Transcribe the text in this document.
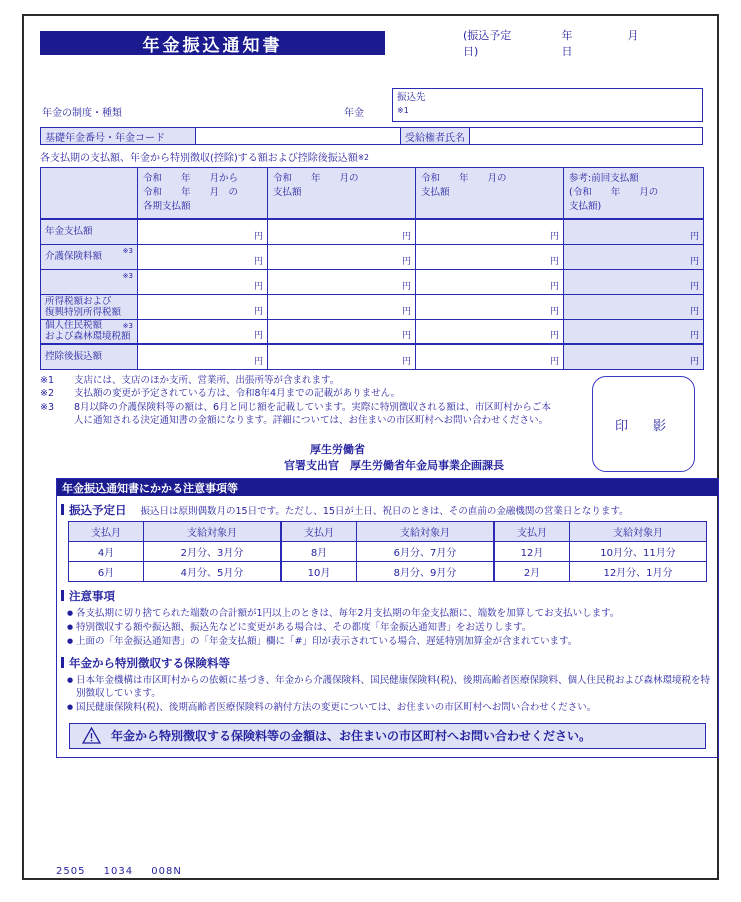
年金振込通知書	(振込予定日)
年　月　日
年金の制度・種類	年金
振込先
※1
基礎年金番号・年金コード	受給権者氏名
各支払期の支払額、年金から特別徴収(控除)する額および控除後振込額※2

令和　　年　　月から
令和　　年　　月　の
各期支払額

令和　　年　　月の
支払額

令和　　年　　月の
支払額

参考:前回支払額
(令和　　年　　月の
支払額)

年金支払額	円	円	円	円

※3
介護保険料額	円	円	円	円

※3	円	円	円	円

所得税額および
復興特別所得税額	円	円	円	円

※3
個人住民税額
および森林環境税額	円	円	円	円
控除後振込額	円	円	円	円
※1	支店には、支店のほか支所、営業所、出張所等が含まれます。
※2	支払額の変更が予定されている方は、令和8年4月までの記載がありません。
※3	8月以降の介護保険料等の額は、6月と同じ額を記載しています。実際に特別徴収される額は、市区町村からご本人に通知される決定通知書の金額になります。詳細については、お住まいの市区町村へお問い合わせください。	印　影
厚生労働省
官署支出官　厚生労働省年金局事業企画課長
年金振込通知書にかかる注意事項等
振込予定日 振込日は原則偶数月の15日です。ただし、15日が土日、祝日のときは、その直前の金融機関の営業日となります。
支払月	支給対象月	支払月	支給対象月	支払月	支給対象月
4月	2月分、3月分	8月	6月分、7月分	12月	10月分、11月分
6月	4月分、5月分	10月	8月分、9月分	2月	12月分、1月分
注意事項
● 各支払期に切り捨てられた端数の合計額が1円以上のときは、毎年2月支払期の年金支払額に、端数を加算してお支払いします。
● 特別徴収する額や振込額、振込先などに変更がある場合は、その都度「年金振込通知書」をお送りします。
● 上面の「年金振込通知書」の「年金支払額」欄に「#」印が表示されている場合、遅延特別加算金が含まれています。
年金から特別徴収する保険料等
● 日本年金機構は市区町村からの依頼に基づき、年金から介護保険料、国民健康保険料(税)、後期高齢者医療保険料、個人住民税および森林環境税を特別徴収しています。
● 国民健康保険料(税)、後期高齢者医療保険料の納付方法の変更については、お住まいの市区町村へお問い合わせください。
年金から特別徴収する保険料等の金額は、お住まいの市区町村へお問い合わせください。
2505 1034 008N
